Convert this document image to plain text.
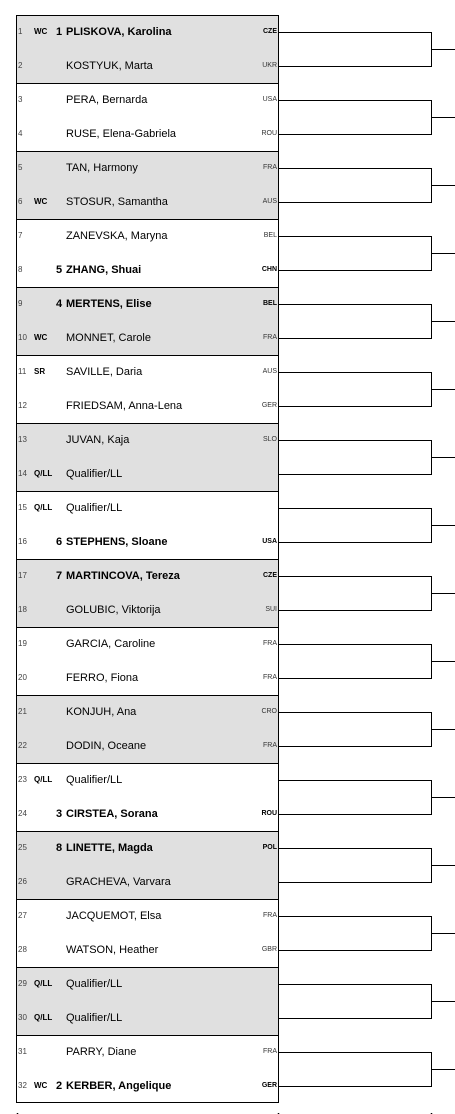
1 WC 1 PLISKOVA, Karolina	CZE
2	KOSTYUK, Marta	UKR
3	PERA, Bernarda	USA
4	RUSE, Elena-Gabriela	ROU
5	TAN, Harmony	FRA
6 WC STOSUR, Samantha	AUS
7	ZANEVSKA, Maryna	BEL
8	5 ZHANG, Shuai	CHN
9	4 MERTENS, Elise	BEL
10 WC MONNET, Carole	FRA
11 SR SAVILLE, Daria	AUS
12	FRIEDSAM, Anna-Lena	GER
13	JUVAN, Kaja	SLO
14 Q/LL Qualifier/LL
15 Q/LL Qualifier/LL
16	6 STEPHENS, Sloane	USA
17	7 MARTINCOVA, Tereza	CZE
18	GOLUBIC, Viktorija	SUI
19	GARCIA, Caroline	FRA
20	FERRO, Fiona	FRA
21	KONJUH, Ana	CRO
22	DODIN, Oceane	FRA
23 Q/LL Qualifier/LL
24	3 CIRSTEA, Sorana	ROU
25	8 LINETTE, Magda	POL
26	GRACHEVA, Varvara
27	JACQUEMOT, Elsa	FRA
28	WATSON, Heather	GBR
29 Q/LL Qualifier/LL
30 Q/LL Qualifier/LL
31	PARRY, Diane	FRA
32 WC 2 KERBER, Angelique	GER
